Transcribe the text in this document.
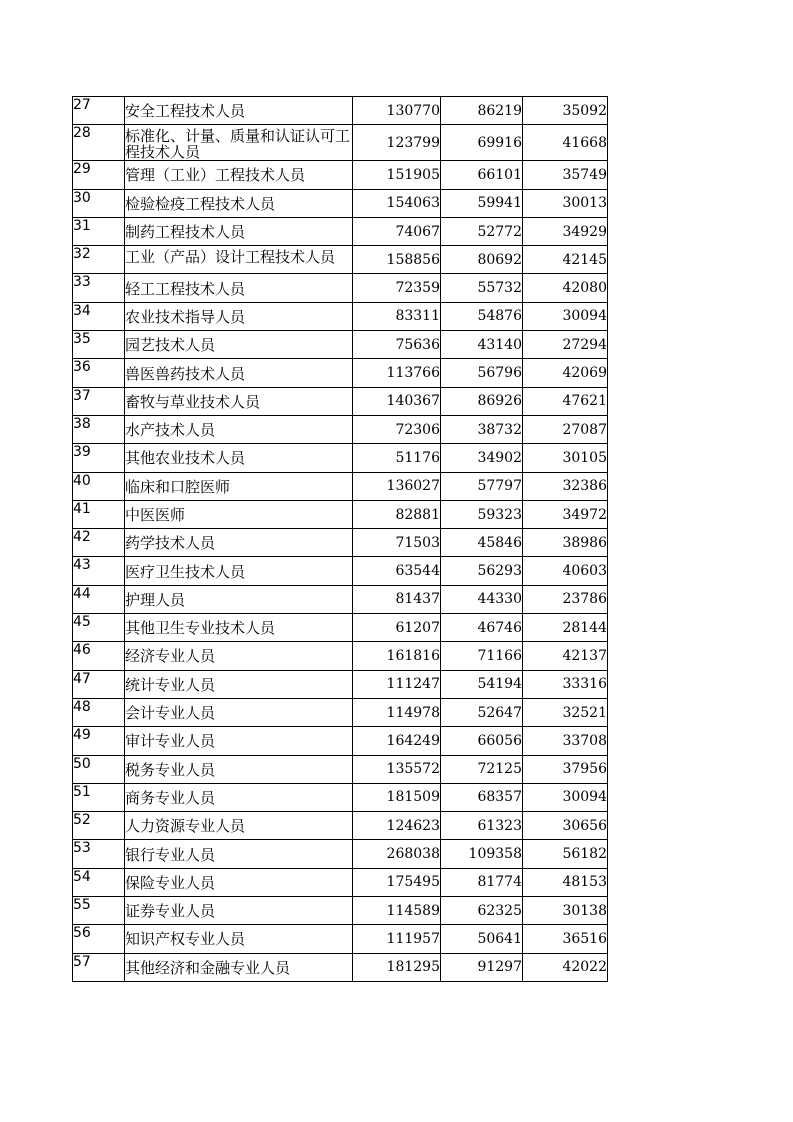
27	安全工程技术人员	130770	86219	35092
28	标准化、计量、质量和认证认可工程技术人员	123799	69916	41668
29	管理（工业）工程技术人员	151905	66101	35749
30	检验检疫工程技术人员	154063	59941	30013
31	制药工程技术人员	74067	52772	34929
32	工业（产品）设计工程技术人员	158856	80692	42145
33	轻工工程技术人员	72359	55732	42080
34	农业技术指导人员	83311	54876	30094
35	园艺技术人员	75636	43140	27294
36	兽医兽药技术人员	113766	56796	42069
37	畜牧与草业技术人员	140367	86926	47621
38	水产技术人员	72306	38732	27087
39	其他农业技术人员	51176	34902	30105
40	临床和口腔医师	136027	57797	32386
41	中医医师	82881	59323	34972
42	药学技术人员	71503	45846	38986
43	医疗卫生技术人员	63544	56293	40603
44	护理人员	81437	44330	23786
45	其他卫生专业技术人员	61207	46746	28144
46	经济专业人员	161816	71166	42137
47	统计专业人员	111247	54194	33316
48	会计专业人员	114978	52647	32521
49	审计专业人员	164249	66056	33708
50	税务专业人员	135572	72125	37956
51	商务专业人员	181509	68357	30094
52	人力资源专业人员	124623	61323	30656
53	银行专业人员	268038	109358	56182
54	保险专业人员	175495	81774	48153
55	证券专业人员	114589	62325	30138
56	知识产权专业人员	111957	50641	36516
57	其他经济和金融专业人员	181295	91297	42022
